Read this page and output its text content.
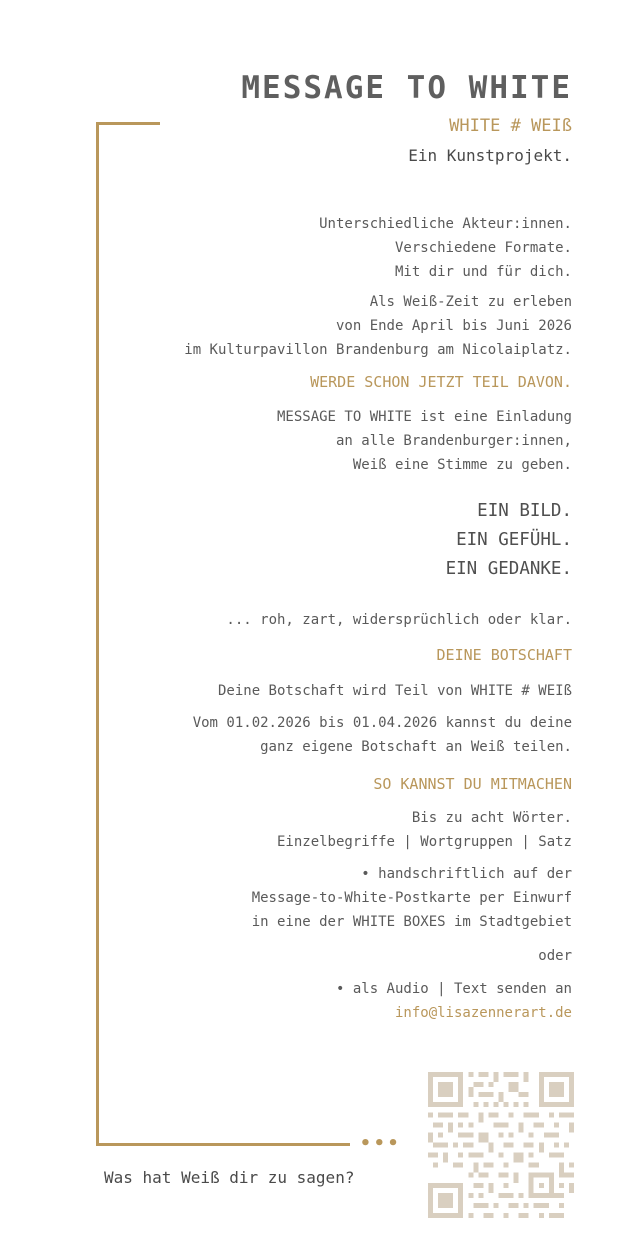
MESSAGE TO WHITE
WHITE # WEIß
Ein Kunstprojekt.
Unterschiedliche Akteur:innen.
Verschiedene Formate.
Mit dir und für dich.
Als Weiß-Zeit zu erleben
von Ende April bis Juni 2026
im Kulturpavillon Brandenburg am Nicolaiplatz.
WERDE SCHON JETZT TEIL DAVON.
MESSAGE TO WHITE ist eine Einladung
an alle Brandenburger:innen,
Weiß eine Stimme zu geben.
EIN BILD.
EIN GEFÜHL.
EIN GEDANKE.
... roh, zart, widersprüchlich oder klar.
DEINE BOTSCHAFT
Deine Botschaft wird Teil von WHITE # WEIß
Vom 01.02.2026 bis 01.04.2026 kannst du deine
ganz eigene Botschaft an Weiß teilen.
SO KANNST DU MITMACHEN
Bis zu acht Wörter.
Einzelbegriffe | Wortgruppen | Satz
• handschriftlich auf der
Message-to-White-Postkarte per Einwurf
in eine der WHITE BOXES im Stadtgebiet
oder
• als Audio | Text senden an
info@lisazennerart.de
•••
Was hat Weiß dir zu sagen?
